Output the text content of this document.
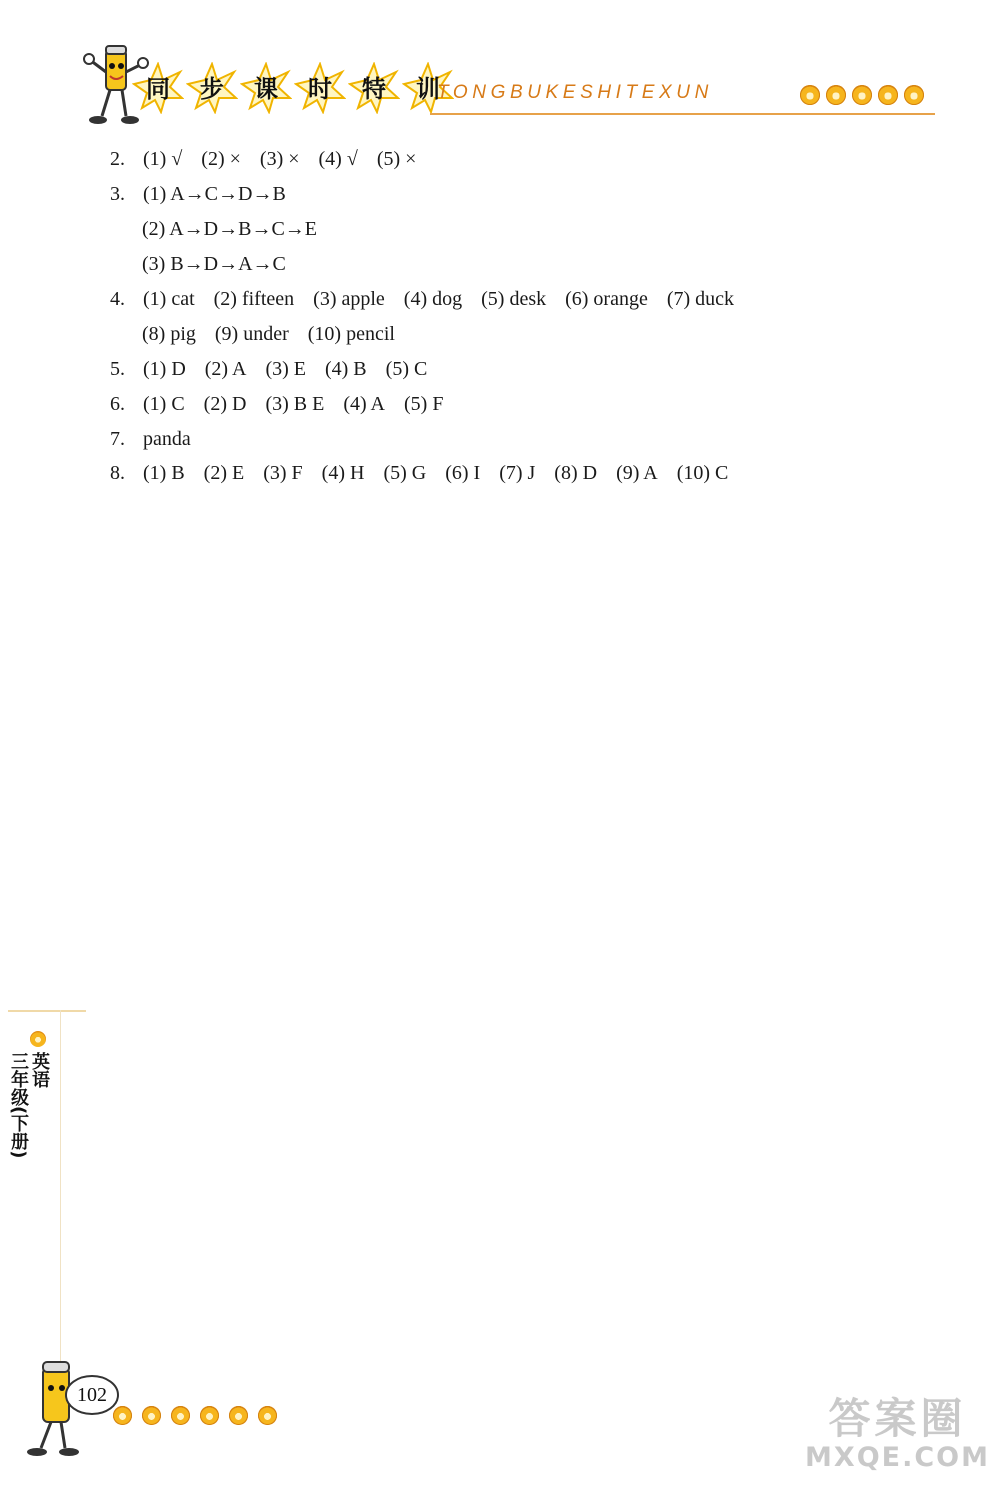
同	步	课	时	特	训
TONGBUKESHITEXUN
2. (1) √ (2) × (3) × (4) √ (5) ×
3. (1) A→C→D→B
(2) A→D→B→C→E
(3) B→D→A→C
4. (1) cat (2) fifteen (3) apple (4) dog (5) desk (6) orange (7) duck
(8) pig (9) under (10) pencil
5. (1) D (2) A (3) E (4) B (5) C
6. (1) C (2) D (3) B E (4) A (5) F
7. panda
8. (1) B (2) E (3) F (4) H (5) G (6) I (7) J (8) D (9) A (10) C
英语
三年级(下册)
102	答案圈
MXQE.COM
